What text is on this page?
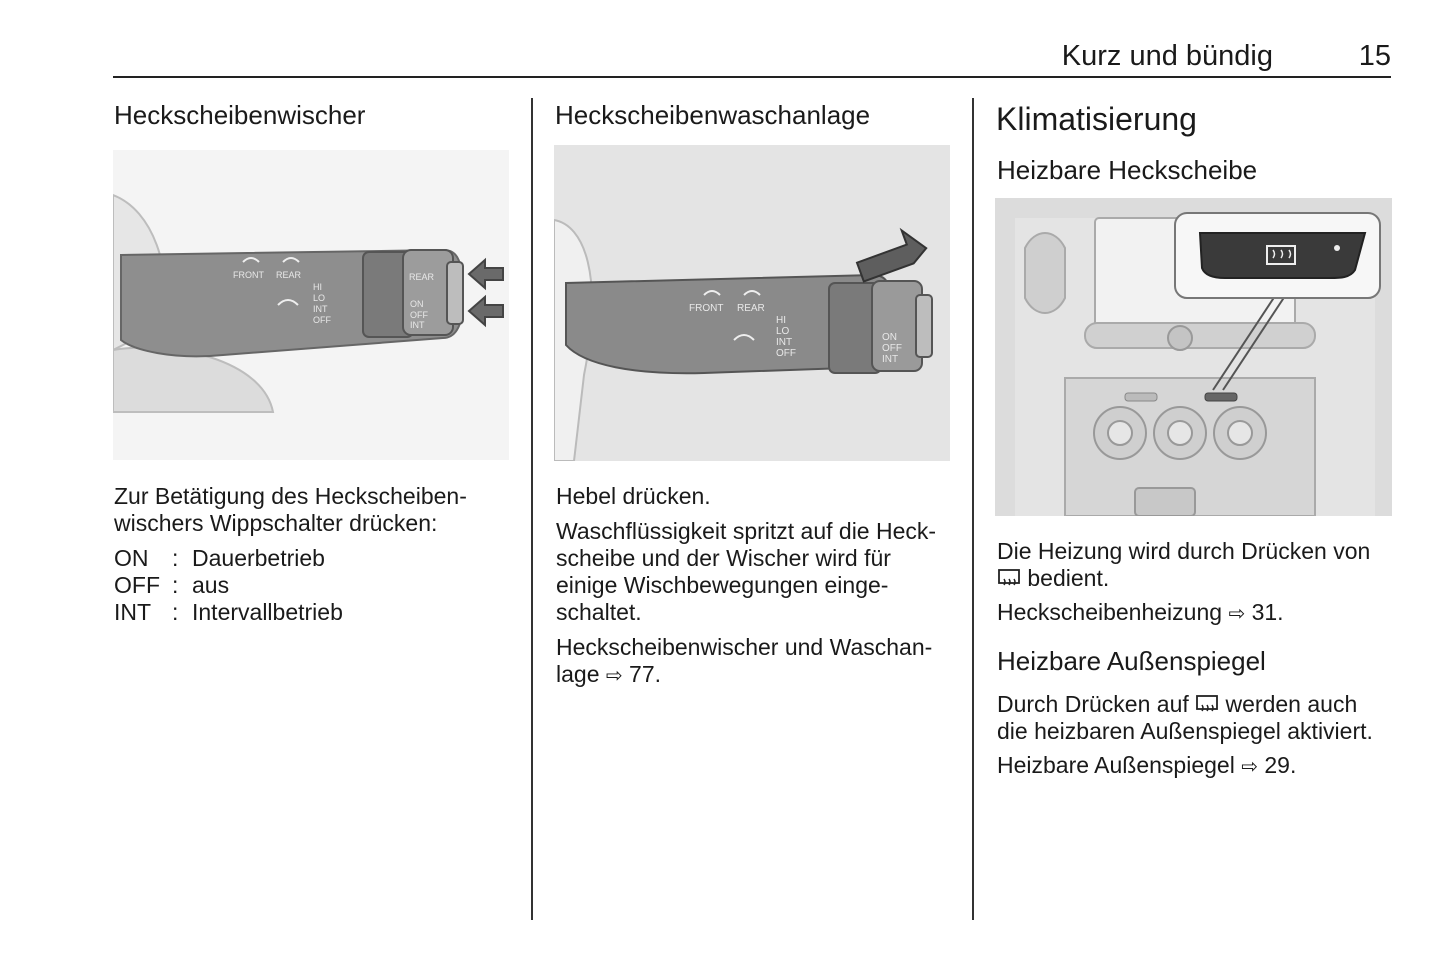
Kurz und bündig	15
Heckscheibenwischer
FRONT REAR
HI
LO
INT
OFF
REAR
ON
OFF
INT
Zur Betätigung des Heckscheiben-
wischers Wippschalter drücken:
ON	: Dauerbetrieb
OFF : aus
INT : Intervallbetrieb
Heckscheibenwaschanlage
FRONT REAR
HI
LO
INT
OFF
ON
OFF
INT
Hebel drücken.
Waschflüssigkeit spritzt auf die Heck-
scheibe und der Wischer wird für
einige Wischbewegungen einge-
schaltet.
Heckscheibenwischer und Waschan-
lage ⇨ 77.
Klimatisierung
Heizbare Heckscheibe
Die Heizung wird durch Drücken von
bedient.
Heckscheibenheizung ⇨ 31.
Heizbare Außenspiegel
Durch Drücken auf werden auch
die heizbaren Außenspiegel aktiviert.
Heizbare Außenspiegel ⇨ 29.
